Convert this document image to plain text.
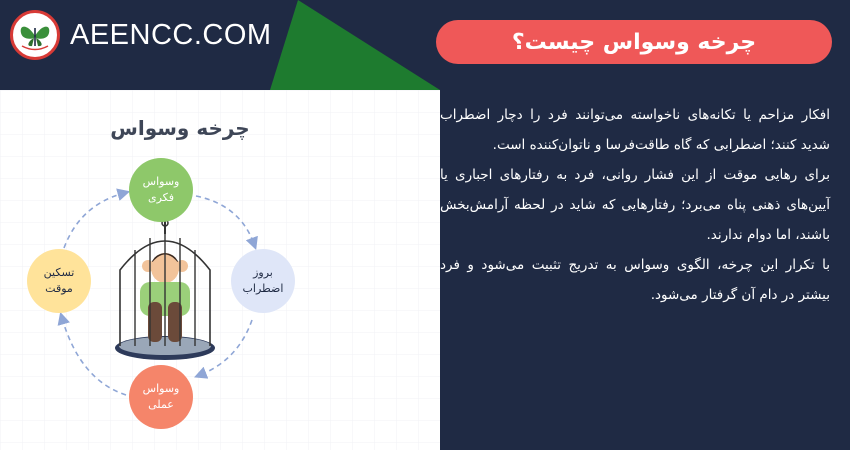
AEENCC.COM	چرخه وسواس چیست؟
چرخه وسواس
وسواس
فکری
بروز
اضطراب
وسواس
عملی
تسکین
موقت

افکار مزاحم یا تکانه‌های ناخواسته می‌توانند فرد را دچار اضطراب شدید کنند؛ اضطرابی که گاه طاقت‌فرسا و ناتوان‌کننده است.

برای رهایی موقت از این فشار روانی، فرد به رفتارهای اجباری یا آیین‌های ذهنی پناه می‌برد؛ رفتارهایی که شاید در لحظه آرامش‌بخش باشند، اما دوام ندارند.

با تکرار این چرخه، الگوی وسواس به تدریج تثبیت می‌شود و فرد بیشتر در دام آن گرفتار می‌شود.
